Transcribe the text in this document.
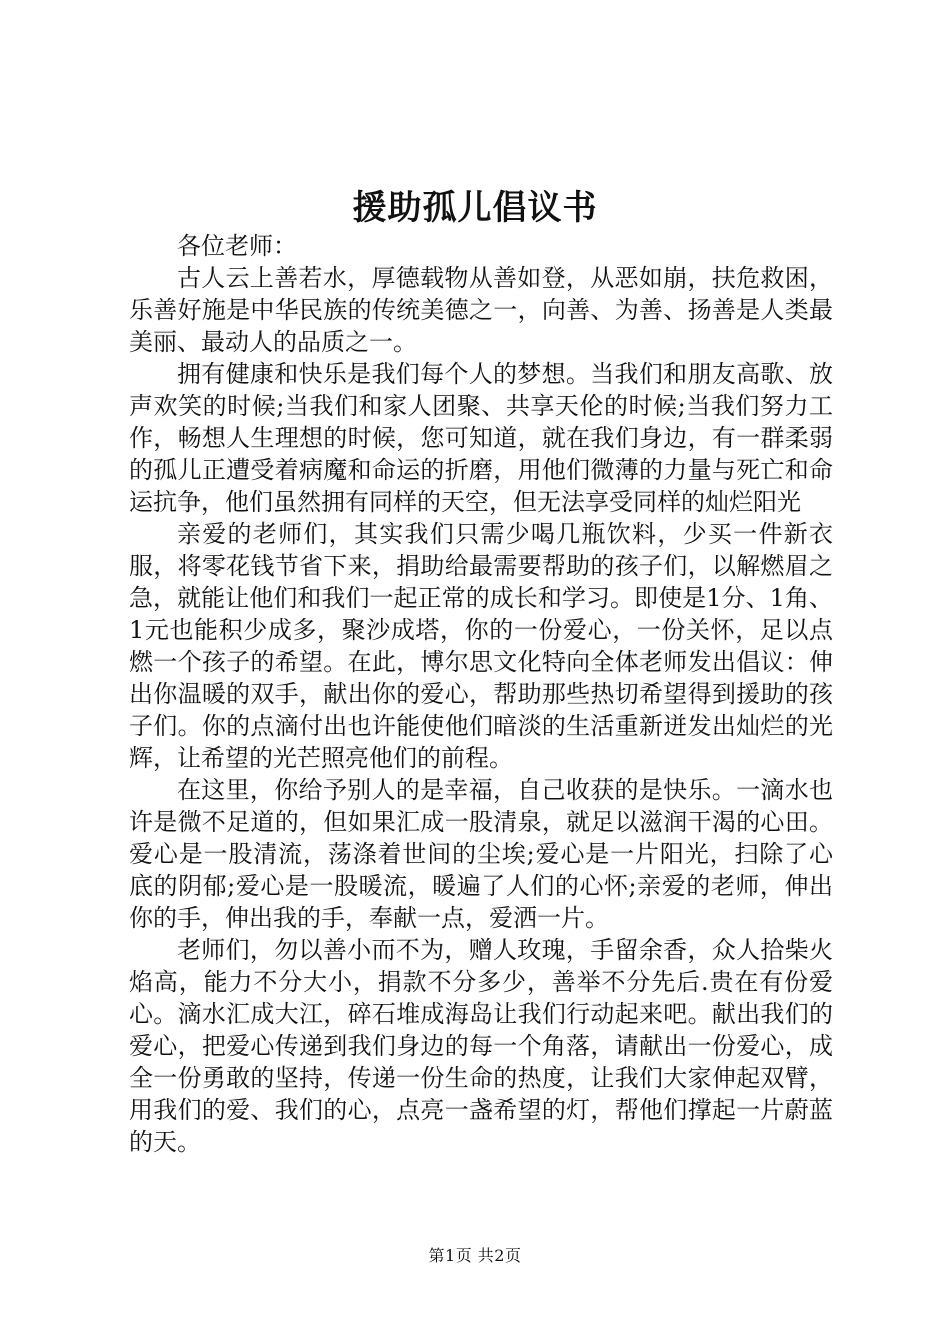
援助孤儿倡议书

各位老师：

古人云上善若水，厚德载物从善如登，从恶如崩，扶危救困，乐善好施是中华民族的传统美德之一，向善、为善、扬善是人类最美丽、最动人的品质之一。

拥有健康和快乐是我们每个人的梦想。当我们和朋友高歌、放声欢笑的时候;当我们和家人团聚、共享天伦的时候;当我们努力工作，畅想人生理想的时候，您可知道，就在我们身边，有一群柔弱的孤儿正遭受着病魔和命运的折磨，用他们微薄的力量与死亡和命运抗争，他们虽然拥有同样的天空，但无法享受同样的灿烂阳光

亲爱的老师们，其实我们只需少喝几瓶饮料，少买一件新衣服，将零花钱节省下来，捐助给最需要帮助的孩子们，以解燃眉之急，就能让他们和我们一起正常的成长和学习。即使是1分、1角、1元也能积少成多，聚沙成塔，你的一份爱心，一份关怀，足以点燃一个孩子的希望。在此，博尔思文化特向全体老师发出倡议：伸出你温暖的双手，献出你的爱心，帮助那些热切希望得到援助的孩子们。你的点滴付出也许能使他们暗淡的生活重新迸发出灿烂的光辉，让希望的光芒照亮他们的前程。

在这里，你给予别人的是幸福，自己收获的是快乐。一滴水也许是微不足道的，但如果汇成一股清泉，就足以滋润干渴的心田。爱心是一股清流，荡涤着世间的尘埃;爱心是一片阳光，扫除了心底的阴郁;爱心是一股暖流，暖遍了人们的心怀;亲爱的老师，伸出你的手，伸出我的手，奉献一点，爱洒一片。

老师们，勿以善小而不为，赠人玫瑰，手留余香，众人拾柴火焰高，能力不分大小，捐款不分多少，善举不分先后.贵在有份爱心。滴水汇成大江，碎石堆成海岛让我们行动起来吧。献出我们的爱心，把爱心传递到我们身边的每一个角落，请献出一份爱心，成全一份勇敢的坚持，传递一份生命的热度，让我们大家伸起双臂，用我们的爱、我们的心，点亮一盏希望的灯，帮他们撑起一片蔚蓝的天。

第1页 共2页
